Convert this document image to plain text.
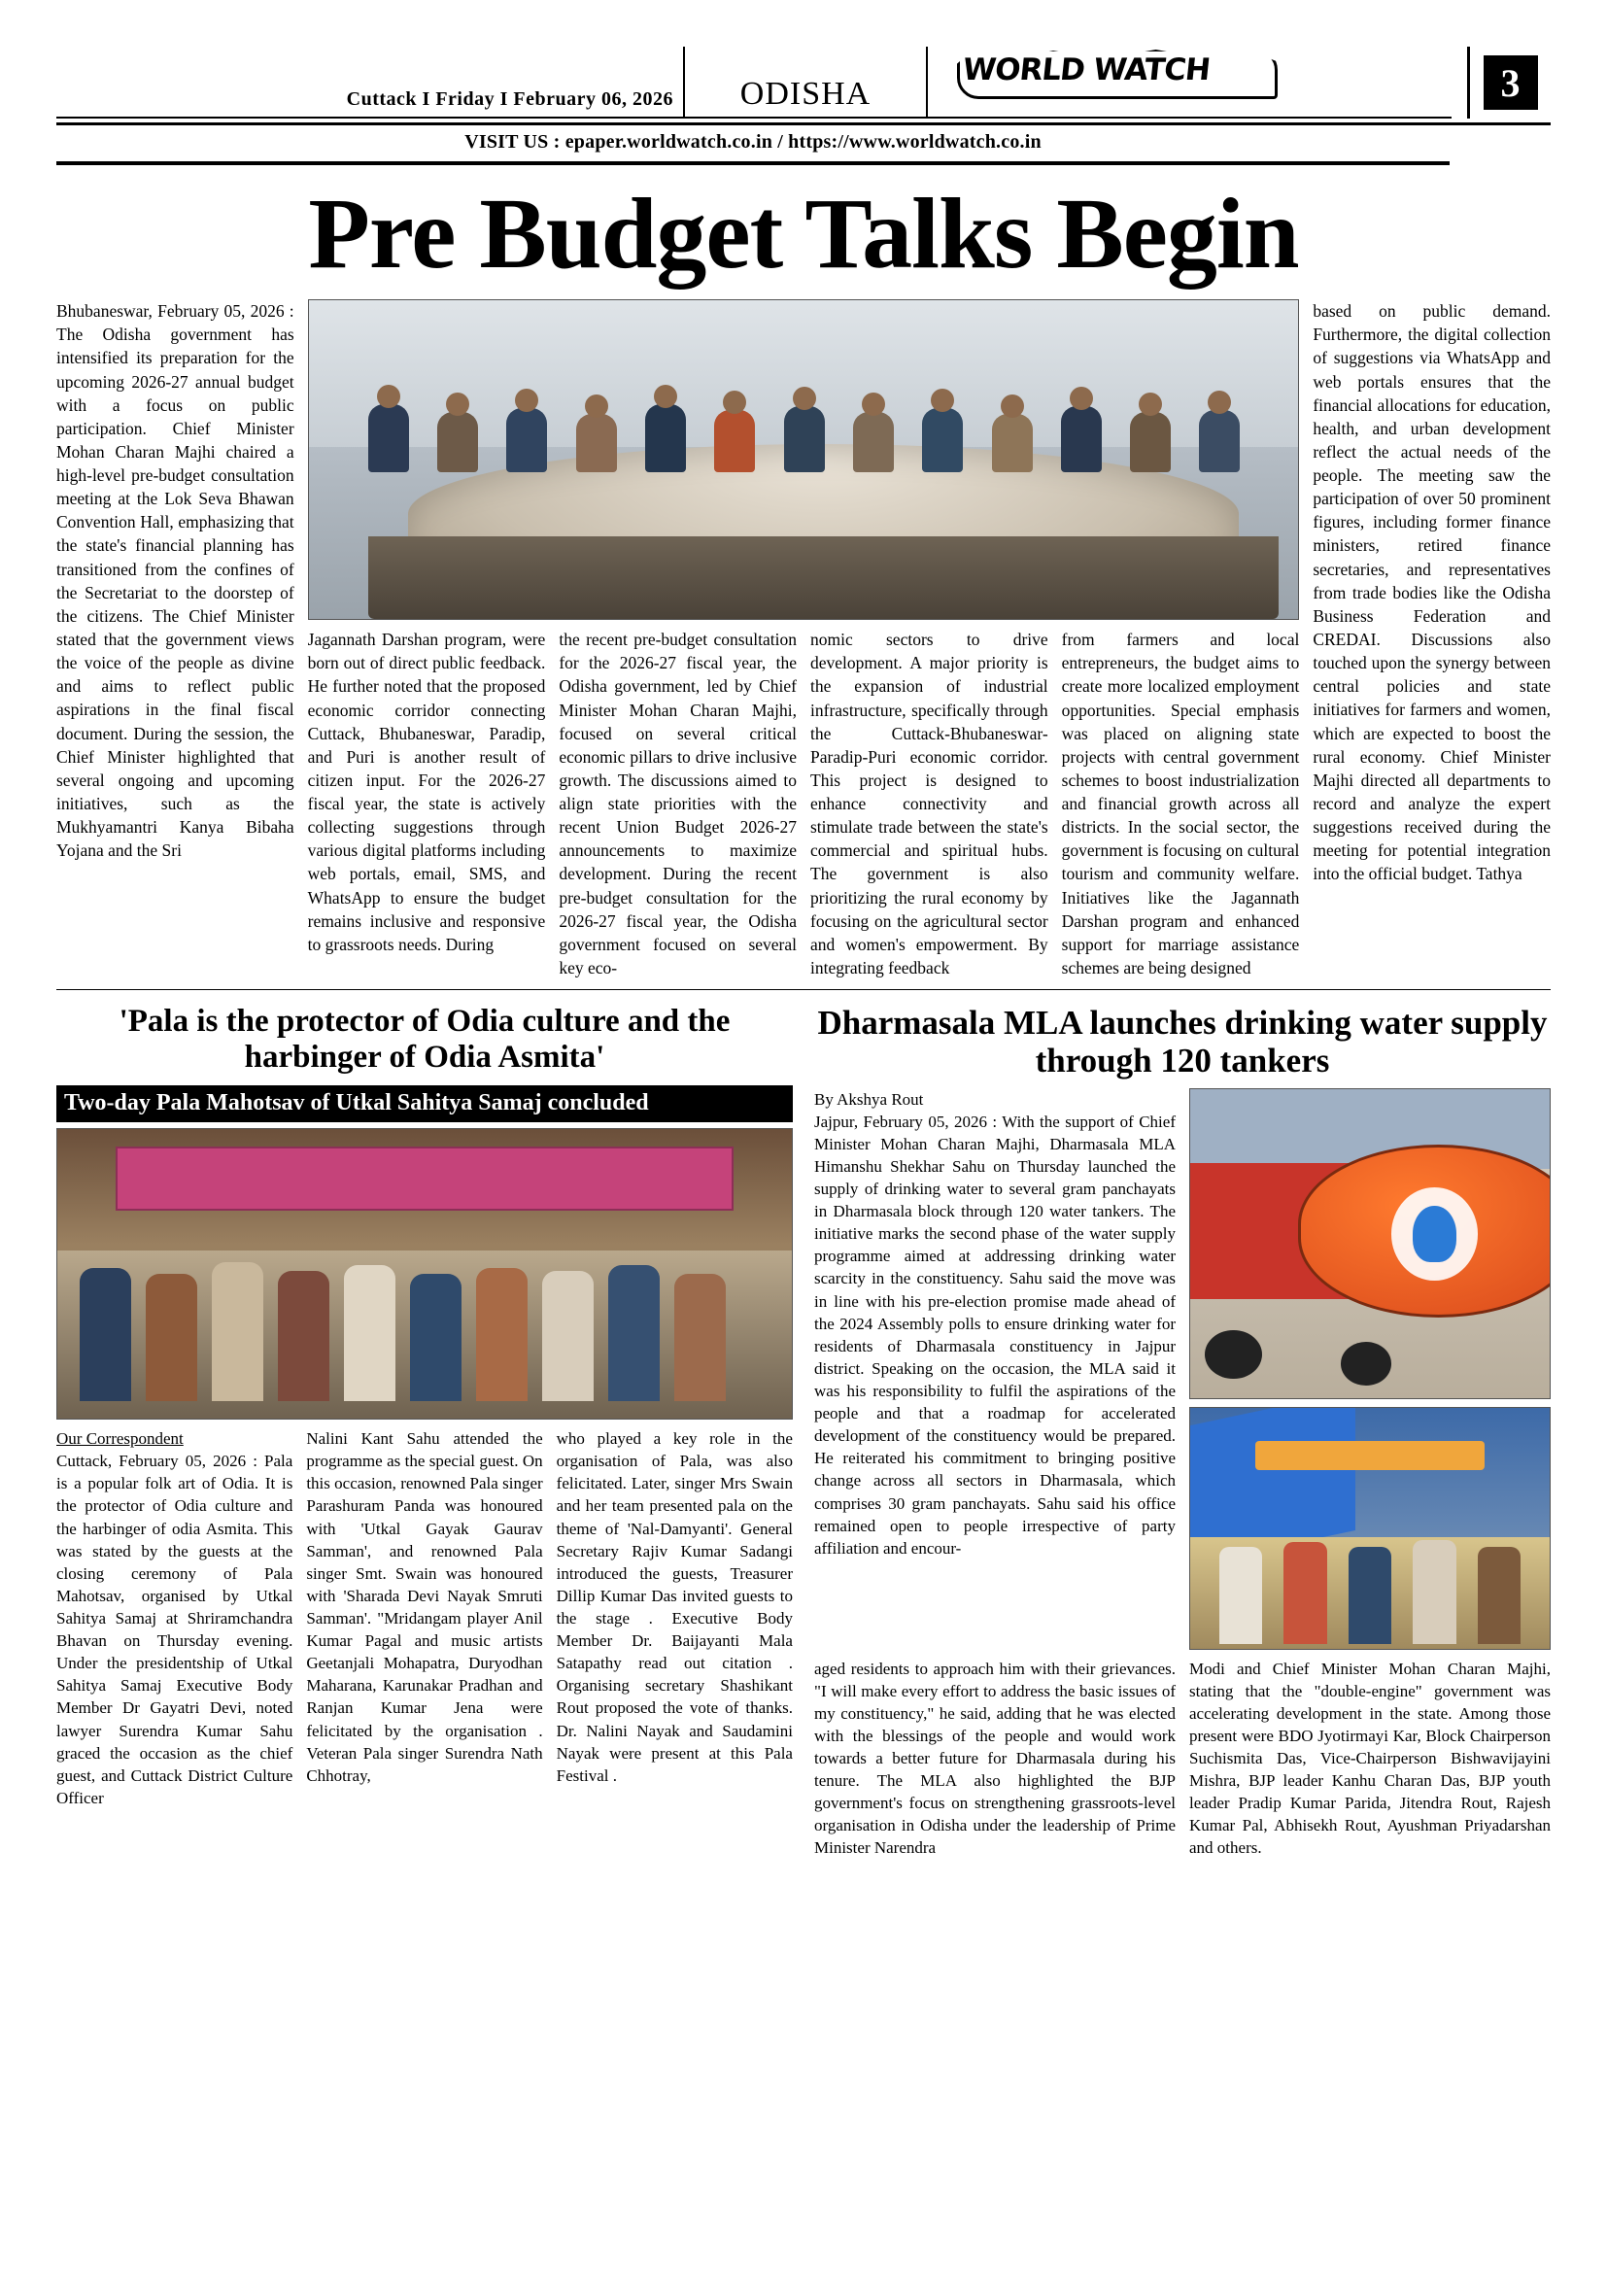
Cuttack I Friday I February 06, 2026 ODISHA
WORLD WATCH	3
VISIT US : epaper.worldwatch.co.in / https://www.worldwatch.co.in
Pre Budget Talks Begin
Bhubaneswar, February 05, 2026 : The Odisha government has intensified its preparation for the upcoming 2026-27 annual budget with a focus on public participation. Chief Minister Mohan Charan Majhi chaired a high-level pre-budget consultation meeting at the Lok Seva Bhawan Convention Hall, emphasizing that the state's financial planning has transitioned from the confines of the Secretariat to the doorstep of the citizens. The Chief Minister stated that the government views the voice of the people as divine and aims to reflect public aspirations in the final fiscal document. During the session, the Chief Minister highlighted that several ongoing and upcoming initiatives, such as the Mukhyamantri Kanya Bibaha Yojana and the Sri
based on public demand. Furthermore, the digital collection of suggestions via WhatsApp and web portals ensures that the financial allocations for education, health, and urban development reflect the actual needs of the people. The meeting saw the participation of over 50 prominent figures, including former finance ministers, retired finance secretaries, and representatives from trade bodies like the Odisha Business Federation and CREDAI. Discussions also touched upon the synergy between central policies and state initiatives for farmers and women, which are expected to boost the rural economy. Chief Minister Majhi directed all departments to record and analyze the expert suggestions received during the meeting for potential integration into the official budget. Tathya
Jagannath Darshan program, were born out of direct public feedback. He further noted that the proposed economic corridor connecting Cuttack, Bhubaneswar, Paradip, and Puri is another result of citizen input. For the 2026-27 fiscal year, the state is actively collecting suggestions through various digital platforms including web portals, email, SMS, and WhatsApp to ensure the budget remains inclusive and responsive to grassroots needs. During
the recent pre-budget consultation for the 2026-27 fiscal year, the Odisha government, led by Chief Minister Mohan Charan Majhi, focused on several critical economic pillars to drive inclusive growth. The discussions aimed to align state priorities with the recent Union Budget 2026-27 announcements to maximize development. During the recent pre-budget consultation for the 2026-27 fiscal year, the Odisha government focused on several key eco-
nomic sectors to drive development. A major priority is the expansion of industrial infrastructure, specifically through the Cuttack-Bhubaneswar-Paradip-Puri economic corridor. This project is designed to enhance connectivity and stimulate trade between the state's commercial and spiritual hubs. The government is also prioritizing the rural economy by focusing on the agricultural sector and women's empowerment. By integrating feedback
from farmers and local entrepreneurs, the budget aims to create more localized employment opportunities. Special emphasis was placed on aligning state projects with central government schemes to boost industrialization and financial growth across all districts. In the social sector, the government is focusing on cultural tourism and community welfare. Initiatives like the Jagannath Darshan program and enhanced support for marriage assistance schemes are being designed
'Pala is the protector of Odia culture and the harbinger of Odia Asmita'
Two-day Pala Mahotsav of Utkal Sahitya Samaj concluded
Our Correspondent
Cuttack, February 05, 2026 : Pala is a popular folk art of Odia. It is the protector of Odia culture and the harbinger of odia Asmita. This was stated by the guests at the closing ceremony of Pala Mahotsav, organised by Utkal Sahitya Samaj at Shriramchandra Bhavan on Thursday evening. Under the presidentship of Utkal Sahitya Samaj Executive Body Member Dr Gayatri Devi, noted lawyer Surendra Kumar Sahu graced the occasion as the chief guest, and Cuttack District Culture Officer
Nalini Kant Sahu attended the programme as the special guest. On this occasion, renowned Pala singer Parashuram Panda was honoured with 'Utkal Gayak Gaurav Samman', and renowned Pala singer Smt. Swain was honoured with 'Sharada Devi Nayak Smruti Samman'. "Mridangam player Anil Kumar Pagal and music artists Geetanjali Mohapatra, Duryodhan Maharana, Karunakar Pradhan and Ranjan Kumar Jena were felicitated by the organisation . Veteran Pala singer Surendra Nath Chhotray,
who played a key role in the organisation of Pala, was also felicitated. Later, singer Mrs Swain and her team presented pala on the theme of 'Nal-Damyanti'. General Secretary Rajiv Kumar Sadangi introduced the guests, Treasurer Dillip Kumar Das invited guests to the stage . Executive Body Member Dr. Baijayanti Mala Satapathy read out citation . Organising secretary Shashikant Rout proposed the vote of thanks. Dr. Nalini Nayak and Saudamini Nayak were present at this Pala Festival .
Dharmasala MLA launches drinking water supply through 120 tankers
By Akshya Rout
Jajpur, February 05, 2026 : With the support of Chief Minister Mohan Charan Majhi, Dharmasala MLA Himanshu Shekhar Sahu on Thursday launched the supply of drinking water to several gram panchayats in Dharmasala block through 120 water tankers. The initiative marks the second phase of the water supply programme aimed at addressing drinking water scarcity in the constituency. Sahu said the move was in line with his pre-election promise made ahead of the 2024 Assembly polls to ensure drinking water for residents of Dharmasala constituency in Jajpur district. Speaking on the occasion, the MLA said it was his responsibility to fulfil the aspirations of the people and that a roadmap for accelerated development of the constituency would be prepared. He reiterated his commitment to bringing positive change across all sectors in Dharmasala, which comprises 30 gram panchayats. Sahu said his office remained open to people irrespective of party affiliation and encour-
aged residents to approach him with their grievances. "I will make every effort to address the basic issues of my constituency," he said, adding that he was elected with the blessings of the people and would work towards a better future for Dharmasala during his tenure. The MLA also highlighted the BJP government's focus on strengthening grassroots-level organisation in Odisha under the leadership of Prime Minister Narendra
Modi and Chief Minister Mohan Charan Majhi, stating that the "double-engine" government was accelerating development in the state. Among those present were BDO Jyotirmayi Kar, Block Chairperson Suchismita Das, Vice-Chairperson Bishwavijayini Mishra, BJP leader Kanhu Charan Das, BJP youth leader Pradip Kumar Parida, Jitendra Rout, Rajesh Kumar Pal, Abhisekh Rout, Ayushman Priyadarshan and others.
